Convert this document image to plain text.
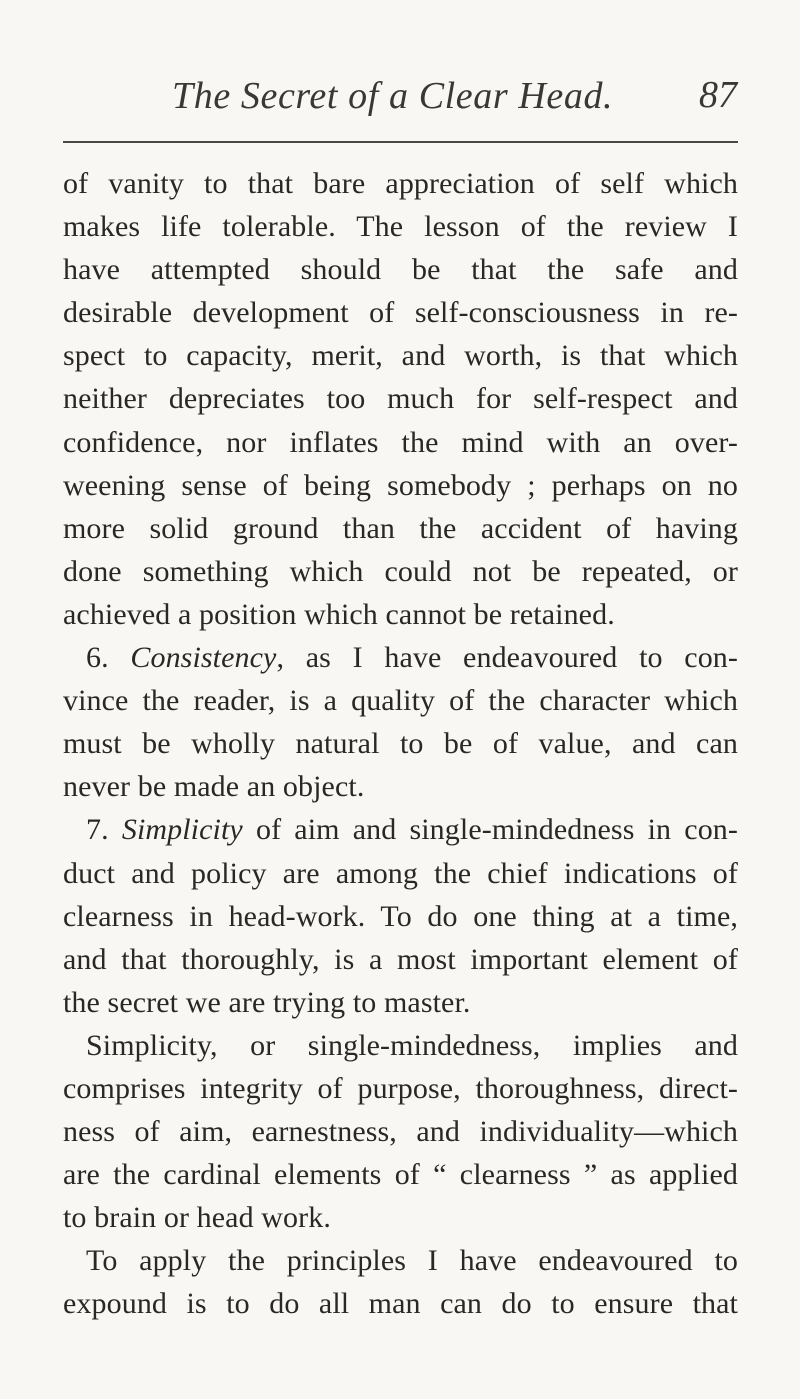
The Secret of a Clear Head. 87
of vanity to that bare appreciation of self which
makes life tolerable. The lesson of the review I
have attempted should be that the safe and
desirable development of self-consciousness in re-
spect to capacity, merit, and worth, is that which
neither depreciates too much for self-respect and
confidence, nor inflates the mind with an over-
weening sense of being somebody ; perhaps on no
more solid ground than the accident of having
done something which could not be repeated, or
achieved a position which cannot be retained.
6. Consistency, as I have endeavoured to con-
vince the reader, is a quality of the character which
must be wholly natural to be of value, and can
never be made an object.
7. Simplicity of aim and single-mindedness in con-
duct and policy are among the chief indications of
clearness in head-work. To do one thing at a time,
and that thoroughly, is a most important element of
the secret we are trying to master.
Simplicity, or single-mindedness, implies and
comprises integrity of purpose, thoroughness, direct-
ness of aim, earnestness, and individuality—which
are the cardinal elements of “ clearness ” as applied
to brain or head work.
To apply the principles I have endeavoured to
expound is to do all man can do to ensure that
